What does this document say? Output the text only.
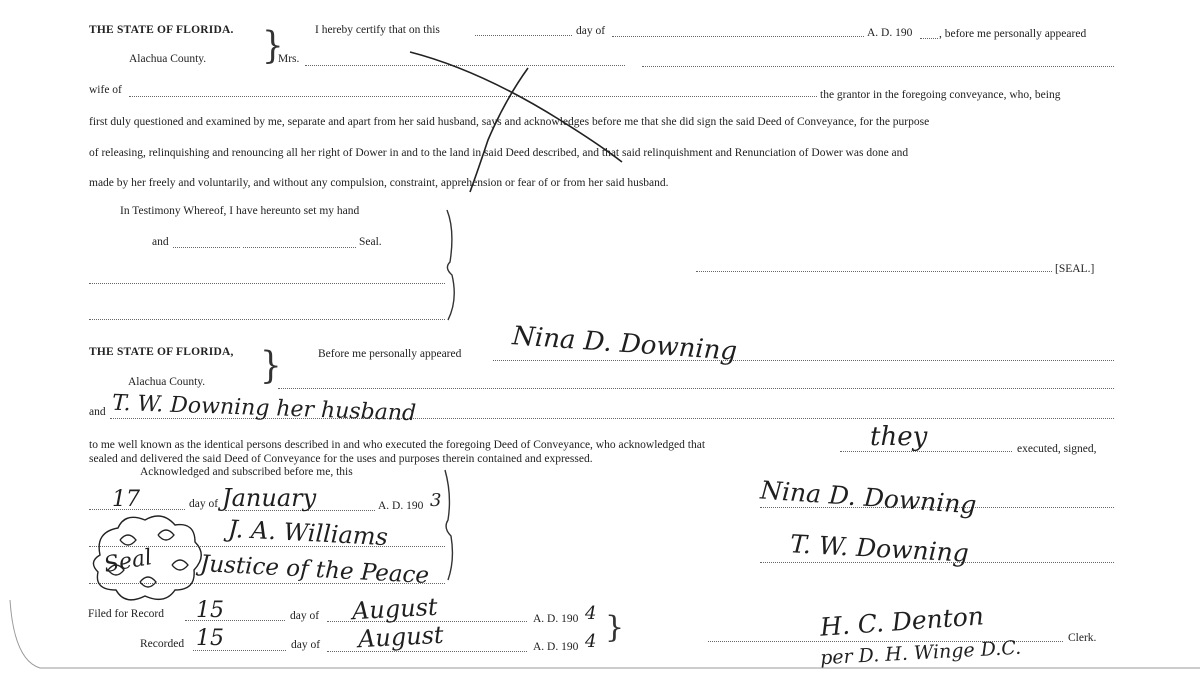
THE STATE OF FLORIDA. }
Alachua County.
I hereby certify that on this	day of	A. D. 190 , before me personally appeared
Mrs.
wife of	the grantor in the foregoing conveyance, who, being
first duly questioned and examined by me, separate and apart from her said husband, says and acknowledges before me that she did sign the said Deed of Conveyance, for the purpose
of releasing, relinquishing and renouncing all her right of Dower in and to the land in said Deed described, and that said relinquishment and Renunciation of Dower was done and
made by her freely and voluntarily, and without any compulsion, constraint, apprehension or fear of or from her said husband.
In Testimony Whereof, I have hereunto set my hand
and	Seal.
[SEAL.]
THE STATE OF FLORIDA, }
Alachua County.
Before me personally appeared Nina D. Downing
and T. W. Downing her husband
to me well known as the identical persons described in and who executed the foregoing Deed of Conveyance, who acknowledged that	they	executed, signed,
sealed and delivered the said Deed of Conveyance for the uses and purposes therein contained and expressed.
Acknowledged and subscribed before me, this
17	day of January	A. D. 190 3
J. A. Williams
Justice of the Peace
Seal
Nina D. Downing
T. W. Downing
Filed for Record 15	day of August	A. D. 190 4 }
Recorded 15	day of August	A. D. 190 4	H. C. Denton
per D. H. Winge D.C.	Clerk.
